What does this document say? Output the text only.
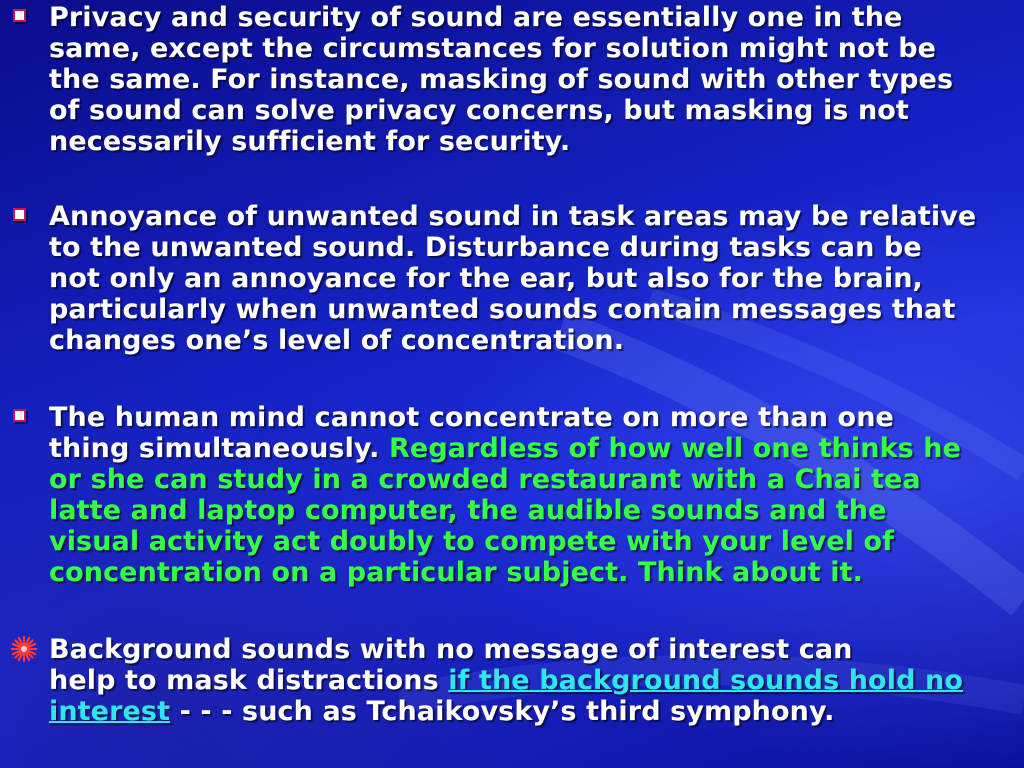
Privacy and security of sound are essentially one in the
same, except the circumstances for solution might not be
the same. For instance, masking of sound with other types
of sound can solve privacy concerns, but masking is not
necessarily sufficient for security.
Annoyance of unwanted sound in task areas may be relative
to the unwanted sound. Disturbance during tasks can be
not only an annoyance for the ear, but also for the brain,
particularly when unwanted sounds contain messages that
changes one’s level of concentration.
The human mind cannot concentrate on more than one
thing simultaneously. Regardless of how well one thinks he
or she can study in a crowded restaurant with a Chai tea
latte and laptop computer, the audible sounds and the
visual activity act doubly to compete with your level of
concentration on a particular subject. Think about it.
Background sounds with no message of interest can
help to mask distractions if the background sounds hold no
interest - - - such as Tchaikovsky’s third symphony.
